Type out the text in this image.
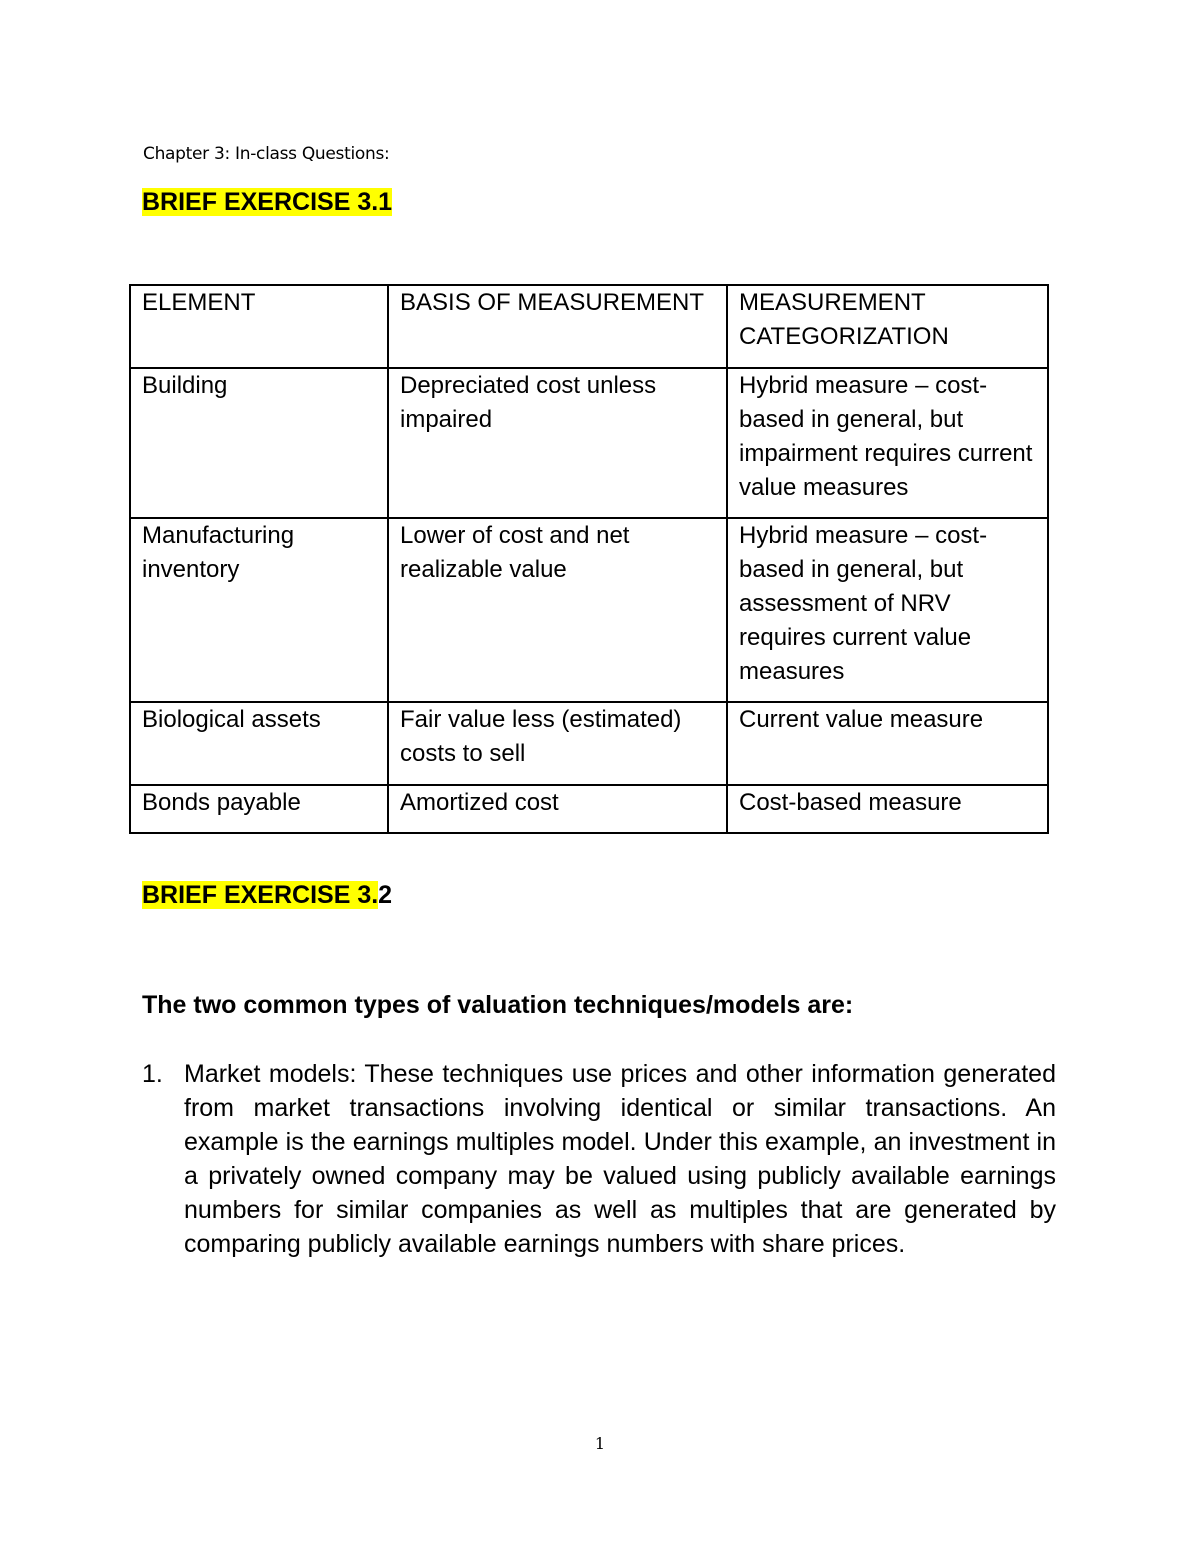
Chapter 3: In-class Questions:
BRIEF EXERCISE 3.1
ELEMENT	BASIS OF MEASUREMENT	MEASUREMENT CATEGORIZATION
Building	Depreciated cost unless impaired	Hybrid measure – cost-based in general, but impairment requires current value measures
Manufacturing inventory	Lower of cost and net realizable value	Hybrid measure – cost-based in general, but assessment of NRV requires current value measures
Biological assets	Fair value less (estimated) costs to sell	Current value measure
Bonds payable	Amortized cost	Cost-based measure
BRIEF EXERCISE 3.2
The two common types of valuation techniques/models are:
1. Market models: These techniques use prices and other information generated from market transactions involving identical or similar transactions. An example is the earnings multiples model. Under this example, an investment in a privately owned company may be valued using publicly available earnings numbers for similar companies as well as multiples that are generated by comparing publicly available earnings numbers with share prices.
1
